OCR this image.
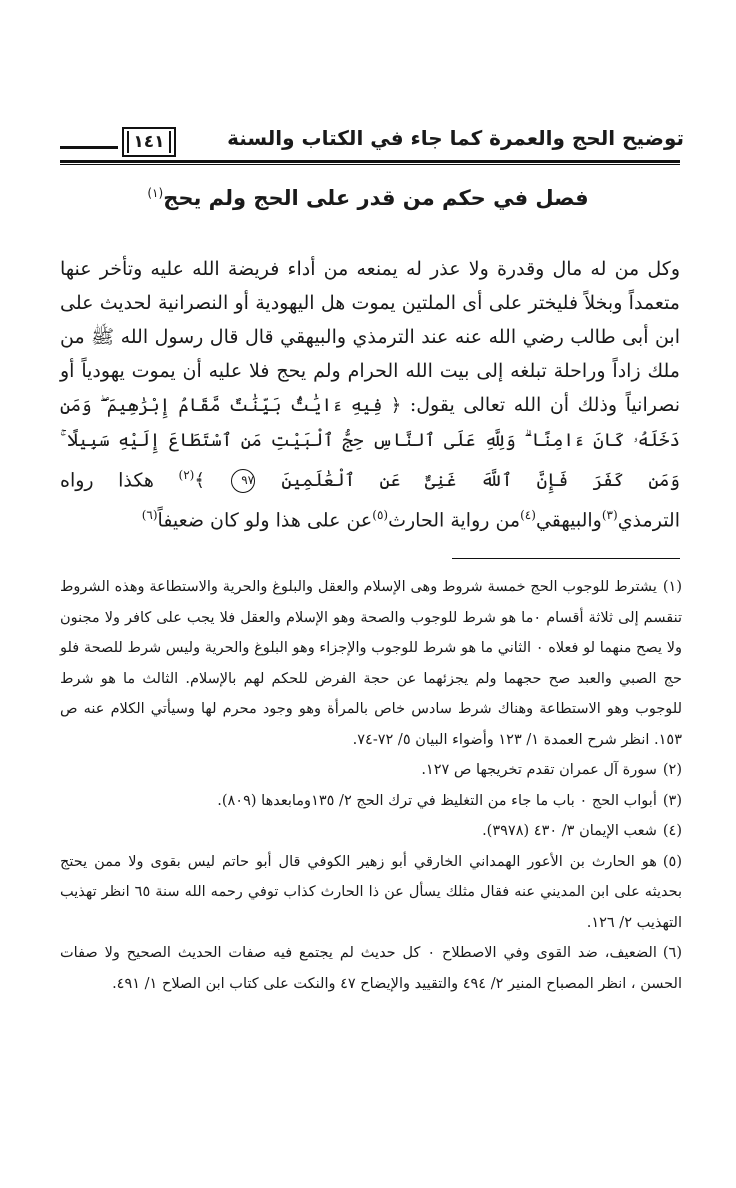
توضيح الحج والعمرة كما جاء في الكتاب والسنة
١٤١
فصل في حكم من قدر على الحج ولم يحج$^{(١)}$

وكل من له مال وقدرة ولا عذر له يمنعه من أداء فريضة الله عليه وتأخر عنها متعمداً وبخلاً فليختر على أى الملتين يموت هل اليهودية أو النصرانية لحديث على ابن أبى طالب رضي الله عنه عند الترمذي والبيهقي قال قال رسول الله ﷺ من ملك زاداً وراحلة تبلغه إلى بيت الله الحرام ولم يحج فلا عليه أن يموت يهودياً أو نصرانياً وذلك أن الله تعالى يقول: ﴿ فِيهِ ءَايَٰتٌۢ بَيِّنَٰتٌ مَّقَامُ إِبْرَٰهِيمَ ۖ وَمَن دَخَلَهُۥ كَانَ ءَامِنًا ۗ وَلِلَّهِ عَلَى ٱلنَّاسِ حِجُّ ٱلْبَيْتِ مَنِ ٱسْتَطَاعَ إِلَيْهِ سَبِيلًا ۚ وَمَن كَفَرَ فَإِنَّ ٱللَّهَ غَنِىٌّ عَنِ ٱلْعَٰلَمِينَ ٩٧ ﴾$^{(٢)}$ هكذا رواه الترمذي$^{(٣)}$والبيهقي$^{(٤)}$من رواية الحارث$^{(٥)}$عن على هذا ولو كان ضعيفاً$^{(٦)}$

(١)يشترط للوجوب الحج خمسة شروط وهى الإسلام والعقل والبلوغ والحرية والاستطاعة وهذه الشروط تنقسم إلى ثلاثة أقسام ٠ما هو شرط للوجوب والصحة وهو الإسلام والعقل فلا يجب على كافر ولا مجنون ولا يصح منهما لو فعلاه ٠ الثاني ما هو شرط للوجوب والإجزاء وهو البلوغ والحرية وليس شرط للصحة فلو حج الصبي والعبد صح حجهما ولم يجزئهما عن حجة الفرض للحكم لهم بالإسلام. الثالث ما هو شرط للوجوب وهو الاستطاعة وهناك شرط سادس خاص بالمرأة وهو وجود محرم لها وسيأتي الكلام عنه ص ١٥٣. انظر شرح العمدة ١/ ١٢٣ وأضواء البيان ٥/ ٧٢-٧٤.

(٢)سورة آل عمران تقدم تخريجها ص ١٢٧.

(٣)أبواب الحج ٠ باب ما جاء من التغليظ في ترك الحج ٢/ ١٣٥ومابعدها (٨٠٩).

(٤)شعب الإيمان ٣/ ٤٣٠ (٣٩٧٨).

(٥)هو الحارث بن الأعور الهمداني الخارقي أبو زهير الكوفي قال أبو حاتم ليس بقوى ولا ممن يحتج بحديثه على ابن المديني عنه فقال مثلك يسأل عن ذا الحارث كذاب توفي رحمه الله سنة ٦٥ انظر تهذيب التهذيب ٢/ ١٢٦.

(٦)الضعيف، ضد القوى وفي الاصطلاح ٠ كل حديث لم يجتمع فيه صفات الحديث الصحيح ولا صفات الحسن ، انظر المصباح المنير ٢/ ٤٩٤ والتقييد والإيضاح ٤٧ والنكت على كتاب ابن الصلاح ١/ ٤٩١.
